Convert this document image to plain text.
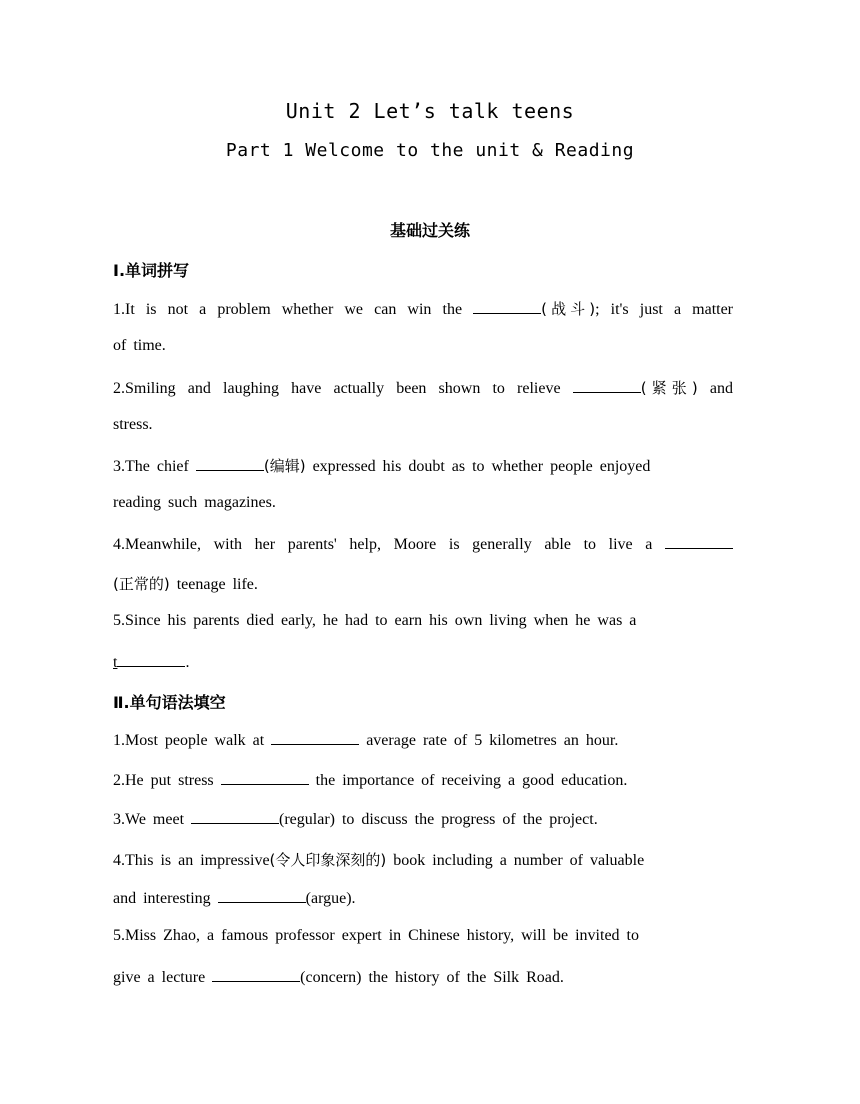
Unit 2 Let’s talk teens
Part 1 Welcome to the unit & Reading
基础过关练
Ⅰ.单词拼写
1.It is not a problem whether we can win the	(战斗); it's just a matter
of time.
2.Smiling and laughing have actually been shown to relieve	(紧张) and
stress.
3.The chief	(编辑) expressed his doubt as to whether people enjoyed
reading such magazines.
4.Meanwhile, with her parents' help, Moore is generally able to live a
(正常的) teenage life.
5.Since his parents died early, he had to earn his own living when he was a
t	.
Ⅱ.单句语法填空
1.Most people walk at	average rate of 5 kilometres an hour.
2.He put stress	the importance of receiving a good education.
3.We meet	(regular) to discuss the progress of the project.
4.This is an impressive(令人印象深刻的) book including a number of valuable
and interesting	(argue).
5.Miss Zhao, a famous professor expert in Chinese history, will be invited to
give a lecture	(concern) the history of the Silk Road.
